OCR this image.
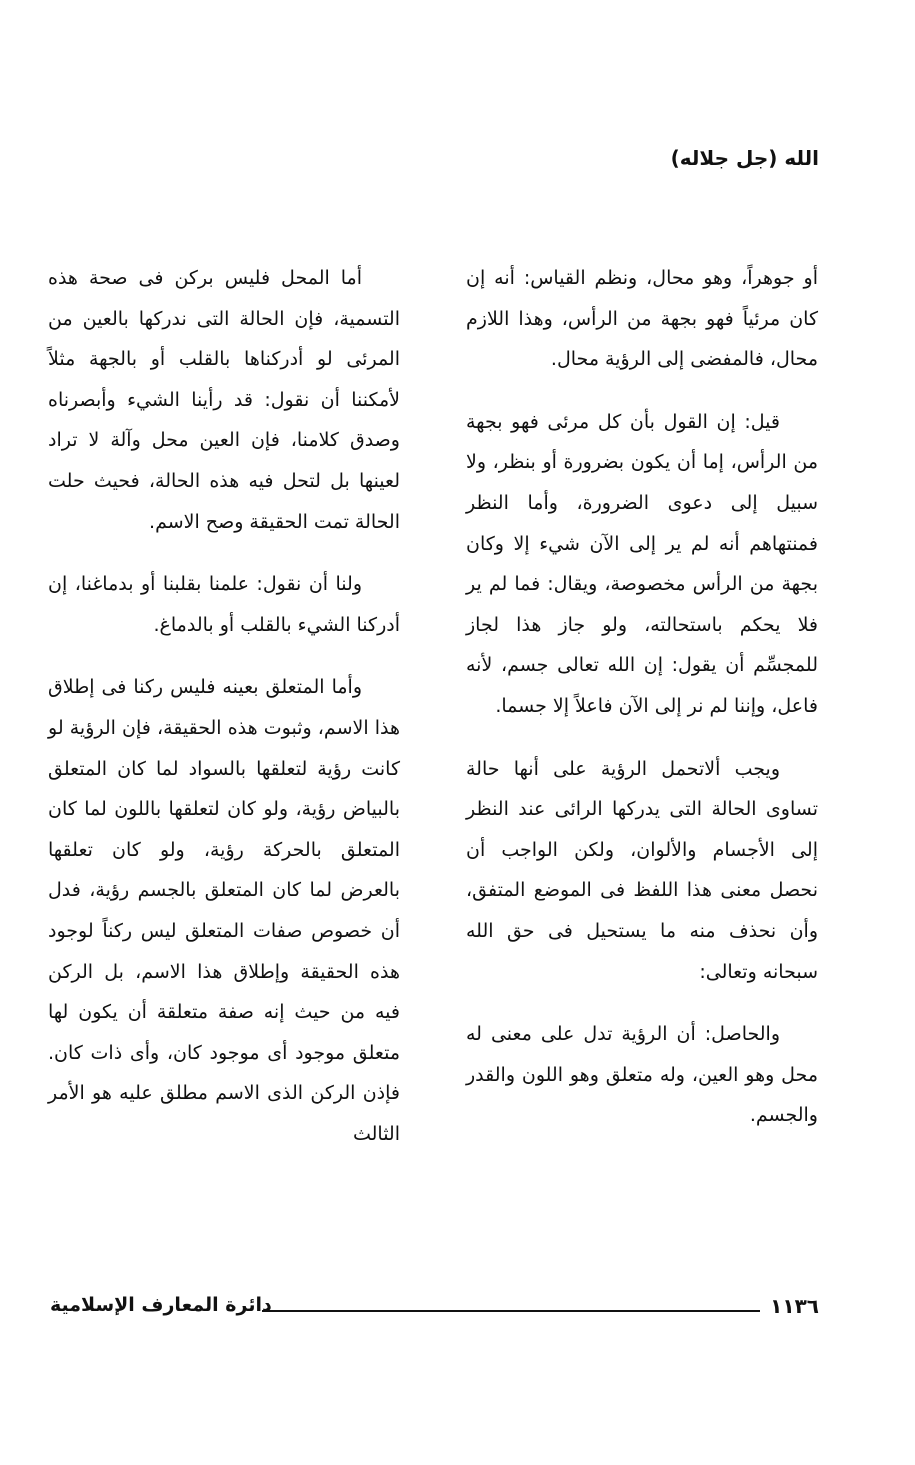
الله (جل جلاله)

أو جوهراً، وهو محال، ونظم القياس: أنه إن كان مرئياً فهو بجهة من الرأس، وهذا اللازم محال، فالمفضى إلى الرؤية محال.

قيل: إن القول بأن كل مرئى فهو بجهة من الرأس، إما أن يكون بضرورة أو بنظر، ولا سبيل إلى دعوى الضرورة، وأما النظر فمنتهاهم أنه لم ير إلى الآن شيء إلا وكان بجهة من الرأس مخصوصة، ويقال: فما لم ير فلا يحكم باستحالته، ولو جاز هذا لجاز للمجسِّم أن يقول: إن الله تعالى جسم، لأنه فاعل، وإننا لم نر إلى الآن فاعلاً إلا جسما.

ويجب ألاتحمل الرؤية على أنها حالة تساوى الحالة التى يدركها الرائى عند النظر إلى الأجسام والألوان، ولكن الواجب أن نحصل معنى هذا اللفظ فى الموضع المتفق، وأن نحذف منه ما يستحيل فى حق الله سبحانه وتعالى:

والحاصل: أن الرؤية تدل على معنى له محل وهو العين، وله متعلق وهو اللون والقدر والجسم.

أما المحل فليس بركن فى صحة هذه التسمية، فإن الحالة التى ندركها بالعين من المرئى لو أدركناها بالقلب أو بالجهة مثلاً لأمكننا أن نقول: قد رأينا الشيء وأبصرناه وصدق كلامنا، فإن العين محل وآلة لا تراد لعينها بل لتحل فيه هذه الحالة، فحيث حلت الحالة تمت الحقيقة وصح الاسم.

ولنا أن نقول: علمنا بقلبنا أو بدماغنا، إن أدركنا الشيء بالقلب أو بالدماغ.

وأما المتعلق بعينه فليس ركنا فى إطلاق هذا الاسم، وثبوت هذه الحقيقة، فإن الرؤية لو كانت رؤية لتعلقها بالسواد لما كان المتعلق بالبياض رؤية، ولو كان لتعلقها باللون لما كان المتعلق بالحركة رؤية، ولو كان تعلقها بالعرض لما كان المتعلق بالجسم رؤية، فدل أن خصوص صفات المتعلق ليس ركناً لوجود هذه الحقيقة وإطلاق هذا الاسم، بل الركن فيه من حيث إنه صفة متعلقة أن يكون لها متعلق موجود أى موجود كان، وأى ذات كان. فإذن الركن الذى الاسم مطلق عليه هو الأمر الثالث

دائرة المعارف الإسلامية	١١٣٦
